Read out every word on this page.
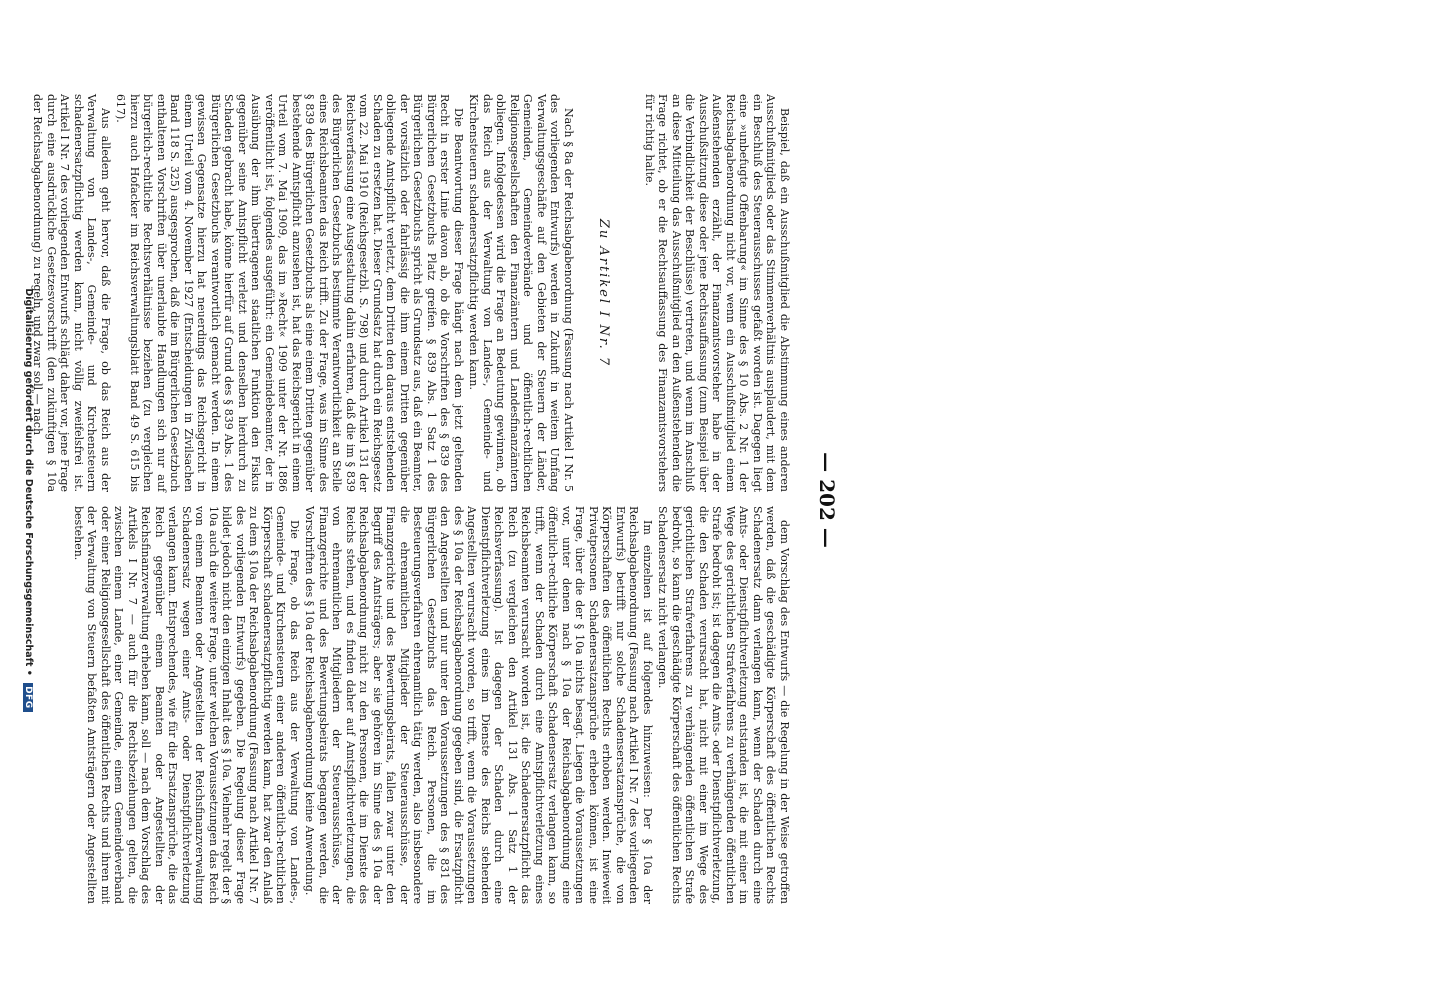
— 202 —

Beispiel, daß ein Ausschußmitglied die Abstimmung eines anderen Ausschußmitglieds oder das Stimmenverhältnis ausplaudert, mit dem ein Beschluß des Steuerausschusses gefaßt worden ist. Dagegen liegt eine »unbefugte Offenbarung« im Sinne des § 10 Abs. 2 Nr. 1 der Reichsabgabenordnung nicht vor, wenn ein Ausschußmitglied einem Außenstehenden erzählt, der Finanzamtsvorsteher habe in der Ausschußsitzung diese oder jene Rechtsauffassung (zum Beispiel über die Verbindlichkeit der Beschlüsse) vertreten, und wenn im Anschluß an diese Mitteilung das Ausschußmitglied an den Außenstehenden die Frage richtet, ob er die Rechtsauffassung des Finanzamtsvorstehers für richtig halte.

Zu Artikel I Nr. 7

Nach § 8a der Reichsabgabenordnung (Fassung nach Artikel I Nr. 5 des vorliegenden Entwurfs) werden in Zukunft in weitem Umfang Verwaltungsgeschäfte auf den Gebieten der Steuern der Länder, Gemeinden, Gemeindeverbände und öffentlich-rechtlichen Religionsgesellschaften den Finanzämtern und Landesfinanzämtern obliegen. Infolgedessen wird die Frage an Bedeutung gewinnen, ob das Reich aus der Verwaltung von Landes-, Gemeinde- und Kirchensteuern schadenersatzpflichtig werden kann.

Die Beantwortung dieser Frage hängt nach dem jetzt geltenden Recht in erster Linie davon ab, ob die Vorschriften des § 839 des Bürgerlichen Gesetzbuchs Platz greifen. § 839 Abs. 1 Satz 1 des Bürgerlichen Gesetzbuchs spricht als Grundsatz aus, daß ein Beamter, der vorsätzlich oder fahrlässig die ihm einem Dritten gegenüber obliegende Amtspflicht verletzt, dem Dritten den daraus entstehenden Schaden zu ersetzen hat. Dieser Grundsatz hat durch ein Reichsgesetz vom 22. Mai 1910 (Reichsgesetzbl. S. 798) und durch Artikel 131 der Reichsverfassung eine Ausgestaltung dahin erfahren, daß die im § 839 des Bürgerlichen Gesetzbuchs bestimmte Verantwortlichkeit an Stelle eines Reichsbeamten das Reich trifft. Zu der Frage, was im Sinne des § 839 des Bürgerlichen Gesetzbuchs als eine einem Dritten gegenüber bestehende Amtspflicht anzusehen ist, hat das Reichsgericht in einem Urteil vom 7. Mai 1909, das im »Recht« 1909 unter der Nr. 1886 veröffentlicht ist, folgendes ausgeführt: ein Gemeindebeamter, der in Ausübung der ihm übertragenen staatlichen Funktion den Fiskus gegenüber seine Amtspflicht verletzt und denselben hierdurch zu Schaden gebracht habe, könne hierfür auf Grund des § 839 Abs. 1 des Bürgerlichen Gesetzbuchs verantwortlich gemacht werden. In einem gewissen Gegensatze hierzu hat neuerdings das Reichsgericht in einem Urteil vom 4. November 1927 (Entscheidungen in Zivilsachen Band 118 S. 325) ausgesprochen, daß die im Bürgerlichen Gesetzbuch enthaltenen Vorschriften über unerlaubte Handlungen sich nur auf bürgerlich-rechtliche Rechtsverhältnisse beziehen (zu vergleichen hierzu auch Hofacker im Reichsverwaltungsblatt Band 49 S. 615 bis 617).

Aus alledem geht hervor, daß die Frage, ob das Reich aus der Verwaltung von Landes-, Gemeinde- und Kirchensteuern schadenersatzpflichtig werden kann, nicht völlig zweifelsfrei ist. Artikel I Nr. 7 des vorliegenden Entwurfs schlägt daher vor, jene Frage durch eine ausdrückliche Gesetzesvorschrift (den zukünftigen § 10a der Reichsabgabenordnung) zu regeln, und zwar soll — nach

dem Vorschlag des Entwurfs — die Regelung in der Weise getroffen werden, daß die geschädigte Körperschaft des öffentlichen Rechts Schadenersatz dann verlangen kann, wenn der Schaden durch eine Amts- oder Dienstpflichtverletzung entstanden ist, die mit einer im Wege des gerichtlichen Strafverfahrens zu verhängenden öffentlichen Strafe bedroht ist; ist dagegen die Amts- oder Dienstpflichtverletzung, die den Schaden verursacht hat, nicht mit einer im Wege des gerichtlichen Strafverfahrens zu verhängenden öffentlichen Strafe bedroht, so kann die geschädigte Körperschaft des öffentlichen Rechts Schadensersatz nicht verlangen.

Im einzelnen ist auf folgendes hinzuweisen: Der § 10a der Reichsabgabenordnung (Fassung nach Artikel I Nr. 7 des vorliegenden Entwurfs) betrifft nur solche Schadensersatzansprüche, die von Körperschaften des öffentlichen Rechts erhoben werden. Inwieweit Privatpersonen Schadenersatzansprüche erheben können, ist eine Frage, über die der § 10a nichts besagt. Liegen die Voraussetzungen vor, unter denen nach § 10a der Reichsabgabenordnung eine öffentlich-rechtliche Körperschaft Schadensersatz verlangen kann, so trifft, wenn der Schaden durch eine Amtspflichtverletzung eines Reichsbeamten verursacht worden ist, die Schadenersatzpflicht das Reich (zu vergleichen den Artikel 131 Abs. 1 Satz 1 der Reichsverfassung). Ist dagegen der Schaden durch eine Dienstpflichtverletzung eines im Dienste des Reichs stehenden Angestellten verursacht worden, so trifft, wenn die Voraussetzungen des § 10a der Reichsabgabenordnung gegeben sind, die Ersatzpflicht den Angestellten und nur unter den Voraussetzungen des § 831 des Bürgerlichen Gesetzbuchs das Reich. Personen, die im Besteuerungsverfahren ehrenamtlich tätig werden, also insbesondere die ehrenamtlichen Mitglieder der Steuerausschüsse, der Finanzgerichte und des Bewertungsbeirats, fallen zwar unter den Begriff des Amtsträgers; aber sie gehören im Sinne des § 10a der Reichsabgabenordnung nicht zu den Personen, die im Dienste des Reichs stehen, und es finden daher auf Amtspflichtverletzungen, die von ehrenamtlichen Mitgliedern der Steuerausschüsse, der Finanzgerichte und des Bewertungsbeirats begangen werden, die Vorschriften des § 10a der Reichsabgabenordnung keine Anwendung.

Die Frage, ob das Reich aus der Verwaltung von Landes-, Gemeinde- und Kirchensteuern einer anderen öffentlich-rechtlichen Körperschaft schadenersatzpflichtig werden kann, hat zwar den Anlaß zu dem § 10a der Reichsabgabenordnung (Fassung nach Artikel I Nr. 7 des vorliegenden Entwurfs) gegeben. Die Regelung dieser Frage bildet jedoch nicht den einzigen Inhalt des § 10a. Vielmehr regelt der § 10a auch die weitere Frage, unter welchen Voraussetzungen das Reich von einem Beamten oder Angestellten der Reichsfinanzverwaltung Schadenersatz wegen einer Amts- oder Dienstpflichtverletzung verlangen kann. Entsprechendes, wie für die Ersatzansprüche, die das Reich gegenüber einem Beamten oder Angestellten der Reichsfinanzverwaltung erheben kann, soll — nach dem Vorschlag des Artikels I Nr. 7 — auch für die Rechtsbeziehungen gelten, die zwischen einem Lande, einer Gemeinde, einem Gemeindeverband oder einer Religionsgesellschaft des öffentlichen Rechts und ihren mit der Verwaltung von Steuern befaßten Amtsträgern oder Angestellten bestehen.

Digitalisierung gefördert durch die Deutsche Forschungsgemeinschaft • DFG
